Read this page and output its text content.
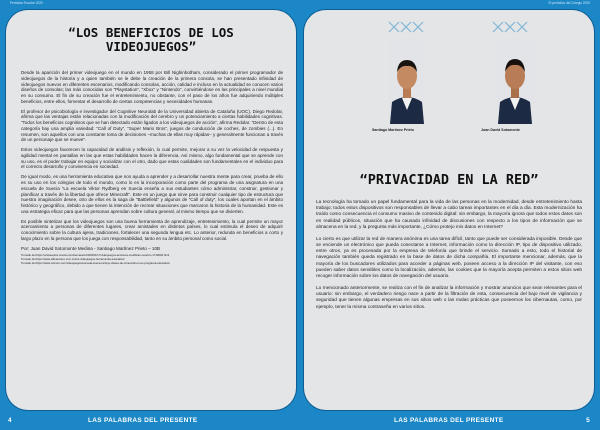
Periódico Escolar 2020
“LOS BENEFICIOS DE LOS VIDEOJUEGOS”

Desde la aparición del primer videojuego en el mundo en 1958 por Bill Nighinbotham, considerado el primer programador de videojuegos de la historia y a quien también se le debe la creación de la primera consola, se han presentado infinidad de videojuegos nuevos en diferentes escenarios, modificando consolas, acción, calidad e incluso en la actualidad se conocen varios diseños de consolas; las más conocidas son “Playstation”, “Xbox” y “Nintendo”, convirtiéndose en las principales a nivel mundial en su consumo. El fin de su creación fue el entretenimiento, no obstante, con el paso de los años fue adquiriendo múltiples beneficios, entre ellos, fomentar el desarrollo de ciertas competencias y necesidades humanas.

El profesor de psicobiología e investigador del Cognitive Neurolab de la Universidad abierta de Cataluña (UOC), Diego Redolar, afirma que las ventajas están relacionadas con la modificación del cerebro y un potenciamiento a ciertas habilidades cognitivas. “Todos los beneficios cognitivos que se han detectado están ligados a los videojuegos de acción”, afirma Redolar. “Dentro de esta categoría hay una amplia variedad: “Call of Duty”, “Super Mario Bros”, juegos de conducción de coches, de zombies (...). En resumen, son aquellos con una constante toma de decisiones –muchas de ellas muy rápidas– y generalmente funcionan a través de un personaje que se mueve”.

Estos videojuegos favorecen la capacidad de análisis y reflexión, lo cual permite, mejorar a su vez la velocidad de respuesta y agilidad mental en pantallas en las que estas habilidades hacen la diferencia. Así mismo, algo fundamental que se aprende con su uso, es el poder trabajar en equipo y socializar con el otro, dado que estas cualidades son fundamentales en el individuo para el correcto desarrollo y convivencia en sociedad.

De igual modo, es una herramienta educativa que nos ayuda a aprender y a desarrollar nuestra mente para crear, prueba de ello es su uso en los colegios de todo el mundo, como lo es la incorporación como parte del programa de una asignatura en una escuela de Suecia “La escuela Viktor Rydberg en Suecia enseña a sus estudiantes cómo administrar, construir, gestionar y planificar a través de la libertad que ofrece Minecraft”. Este es un juego que sirve para construir cualquier tipo de estructura que nuestra imaginación desee, otro de ellos es la saga de “Battlefield” y algunos de “Call of duty”, los cuales aportan en el ámbito histórico y geográfico, debido a que tienen la intención de recrear situaciones que marcaron la historia de la humanidad. Este es una estrategia eficaz para que las personas aprendan sobre cultura general, al mismo tiempo que se divierten.

Es posible sintetizar que los videojuegos son una buena herramienta de aprendizaje, entretenimiento, la cual permite un mayor acercamiento a personas de diferentes lugares, crear amistades en distintos países, lo cual estimula el deseo de adquirir conocimiento sobre la cultura ajena, tradiciones, fortalecer una segunda lengua etc. Lo anterior, redunda en beneficios a corto y largo plazo en la persona que los juega con responsabilidad, tanto en su ámbito personal como social.

Por: Juan David Sotomonte Medina - Santiago Martínez Prieto – 10B

Tomado de:https://ocioteeplus.marca.com/tiemacetc/2020/01/17/videojuegos-acciones-modifican-cerebro-1719002.html
Tomado de:https://www.elfinanciero.com.co/los-videojuegos-herramienta-educativa/
Tomado de:https://www.unicorn.com/videojuegos/escuela-sueca-incluye-clases-de-minecraft-en-su-programa-educativo/
4	LAS PALABRAS DEL PRESENTE
El periódico del Colegio 2020
Santiago Martínez Prieto	Juan David Sotomonte
“PRIVACIDAD EN LA RED”

La tecnología ha tomado un papel fundamental para la vida de las personas en la modernidad, desde entretenimiento hasta trabajo; todos estos dispositivos son responsables de llevar a cabo tareas importantes en el día a día. Esta modernización ha traído como consecuencia el consumo masivo de contenido digital: sin embargo, la mayoría ignora que todos estos datos son en realidad públicos, situación que ha causado infinidad de discusiones con respecto a los tipos de información que se almacena en la red, y la pregunta más importante, ¿Cómo protejo mis datos en Internet?

Lo cierto es que utilizar la red de manera anónima es una tarea difícil, tanto que puede ser considerada imposible. Desde que se enciende un electrónico que pueda conectarse a Internet, información como la dirección IP, tipo de dispositivo utilizado, entre otros, ya es procesada por la empresa de telefonía que brinde el servicio. Sumado a esto, todo el historial de navegación también queda registrado en la base de datos de dicha compañía. El importante mencionar, además, que la mayoría de los buscadores utilizados para acceder a páginas web, poseen acceso a la dirección IP del visitante, con eso pueden saber datos sensibles como la localización, además, las cookies que la mayoría acepta permiten a estos sitios web recoger información sobre los datos de navegación del usuario.

Lo mencionado anteriormente, se realiza con el fin de analizar la información y mostrar anuncios que sean relevantes para el usuario: sin embargo, el verdadero riesgo nace a partir de la filtración de esta, consecuencia del bajo nivel de vigilancia y seguridad que tienen algunas empresas en sus sitios web o las malas prácticas que poseemos los cibernautas, como, por ejemplo, tener la misma contraseña en varios sitios.

LAS PALABRAS DEL PRESENTE	5
